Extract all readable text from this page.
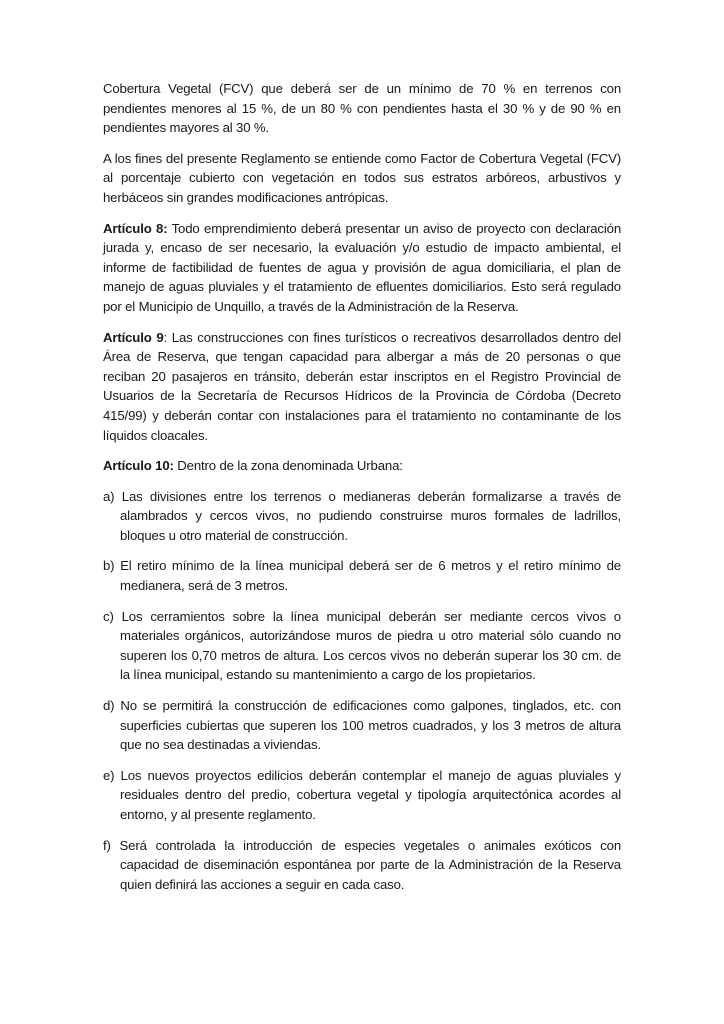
Cobertura Vegetal (FCV) que deberá ser de un mínimo de 70 % en terrenos con pendientes menores al 15 %, de un 80 % con pendientes hasta el 30 % y de 90 % en pendientes mayores al 30 %.

A los fines del presente Reglamento se entiende como Factor de Cobertura Vegetal (FCV) al porcentaje cubierto con vegetación en todos sus estratos arbóreos, arbustivos y herbáceos sin grandes modificaciones antrópicas.

Artículo 8: Todo emprendimiento deberá presentar un aviso de proyecto con declaración jurada y, encaso de ser necesario, la evaluación y/o estudio de impacto ambiental, el informe de factibilidad de fuentes de agua y provisión de agua domiciliaria, el plan de manejo de aguas pluviales y el tratamiento de efluentes domiciliarios. Esto será regulado por el Municipio de Unquillo, a través de la Administración de la Reserva.

Artículo 9: Las construcciones con fines turísticos o recreativos desarrollados dentro del Área de Reserva, que tengan capacidad para albergar a más de 20 personas o que reciban 20 pasajeros en tránsito, deberán estar inscriptos en el Registro Provincial de Usuarios de la Secretaría de Recursos Hídricos de la Provincia de Córdoba (Decreto 415/99) y deberán contar con instalaciones para el tratamiento no contaminante de los líquidos cloacales.

Artículo 10: Dentro de la zona denominada Urbana:

a) Las divisiones entre los terrenos o medianeras deberán formalizarse a través de alambrados y cercos vivos, no pudiendo construirse muros formales de ladrillos, bloques u otro material de construcción.

b) El retiro mínimo de la línea municipal deberá ser de 6 metros y el retiro mínimo de medianera, será de 3 metros.

c) Los cerramientos sobre la línea municipal deberán ser mediante cercos vivos o materiales orgánicos, autorizándose muros de piedra u otro material sólo cuando no superen los 0,70 metros de altura. Los cercos vivos no deberán superar los 30 cm. de la línea municipal, estando su mantenimiento a cargo de los propietarios.

d) No se permitirá la construcción de edificaciones como galpones, tinglados, etc. con superficies cubiertas que superen los 100 metros cuadrados, y los 3 metros de altura que no sea destinadas a viviendas.

e) Los nuevos proyectos edilicios deberán contemplar el manejo de aguas pluviales y residuales dentro del predio, cobertura vegetal y tipología arquitectónica acordes al entorno, y al presente reglamento.

f) Será controlada la introducción de especies vegetales o animales exóticos con capacidad de diseminación espontánea por parte de la Administración de la Reserva quien definirá las acciones a seguir en cada caso.
